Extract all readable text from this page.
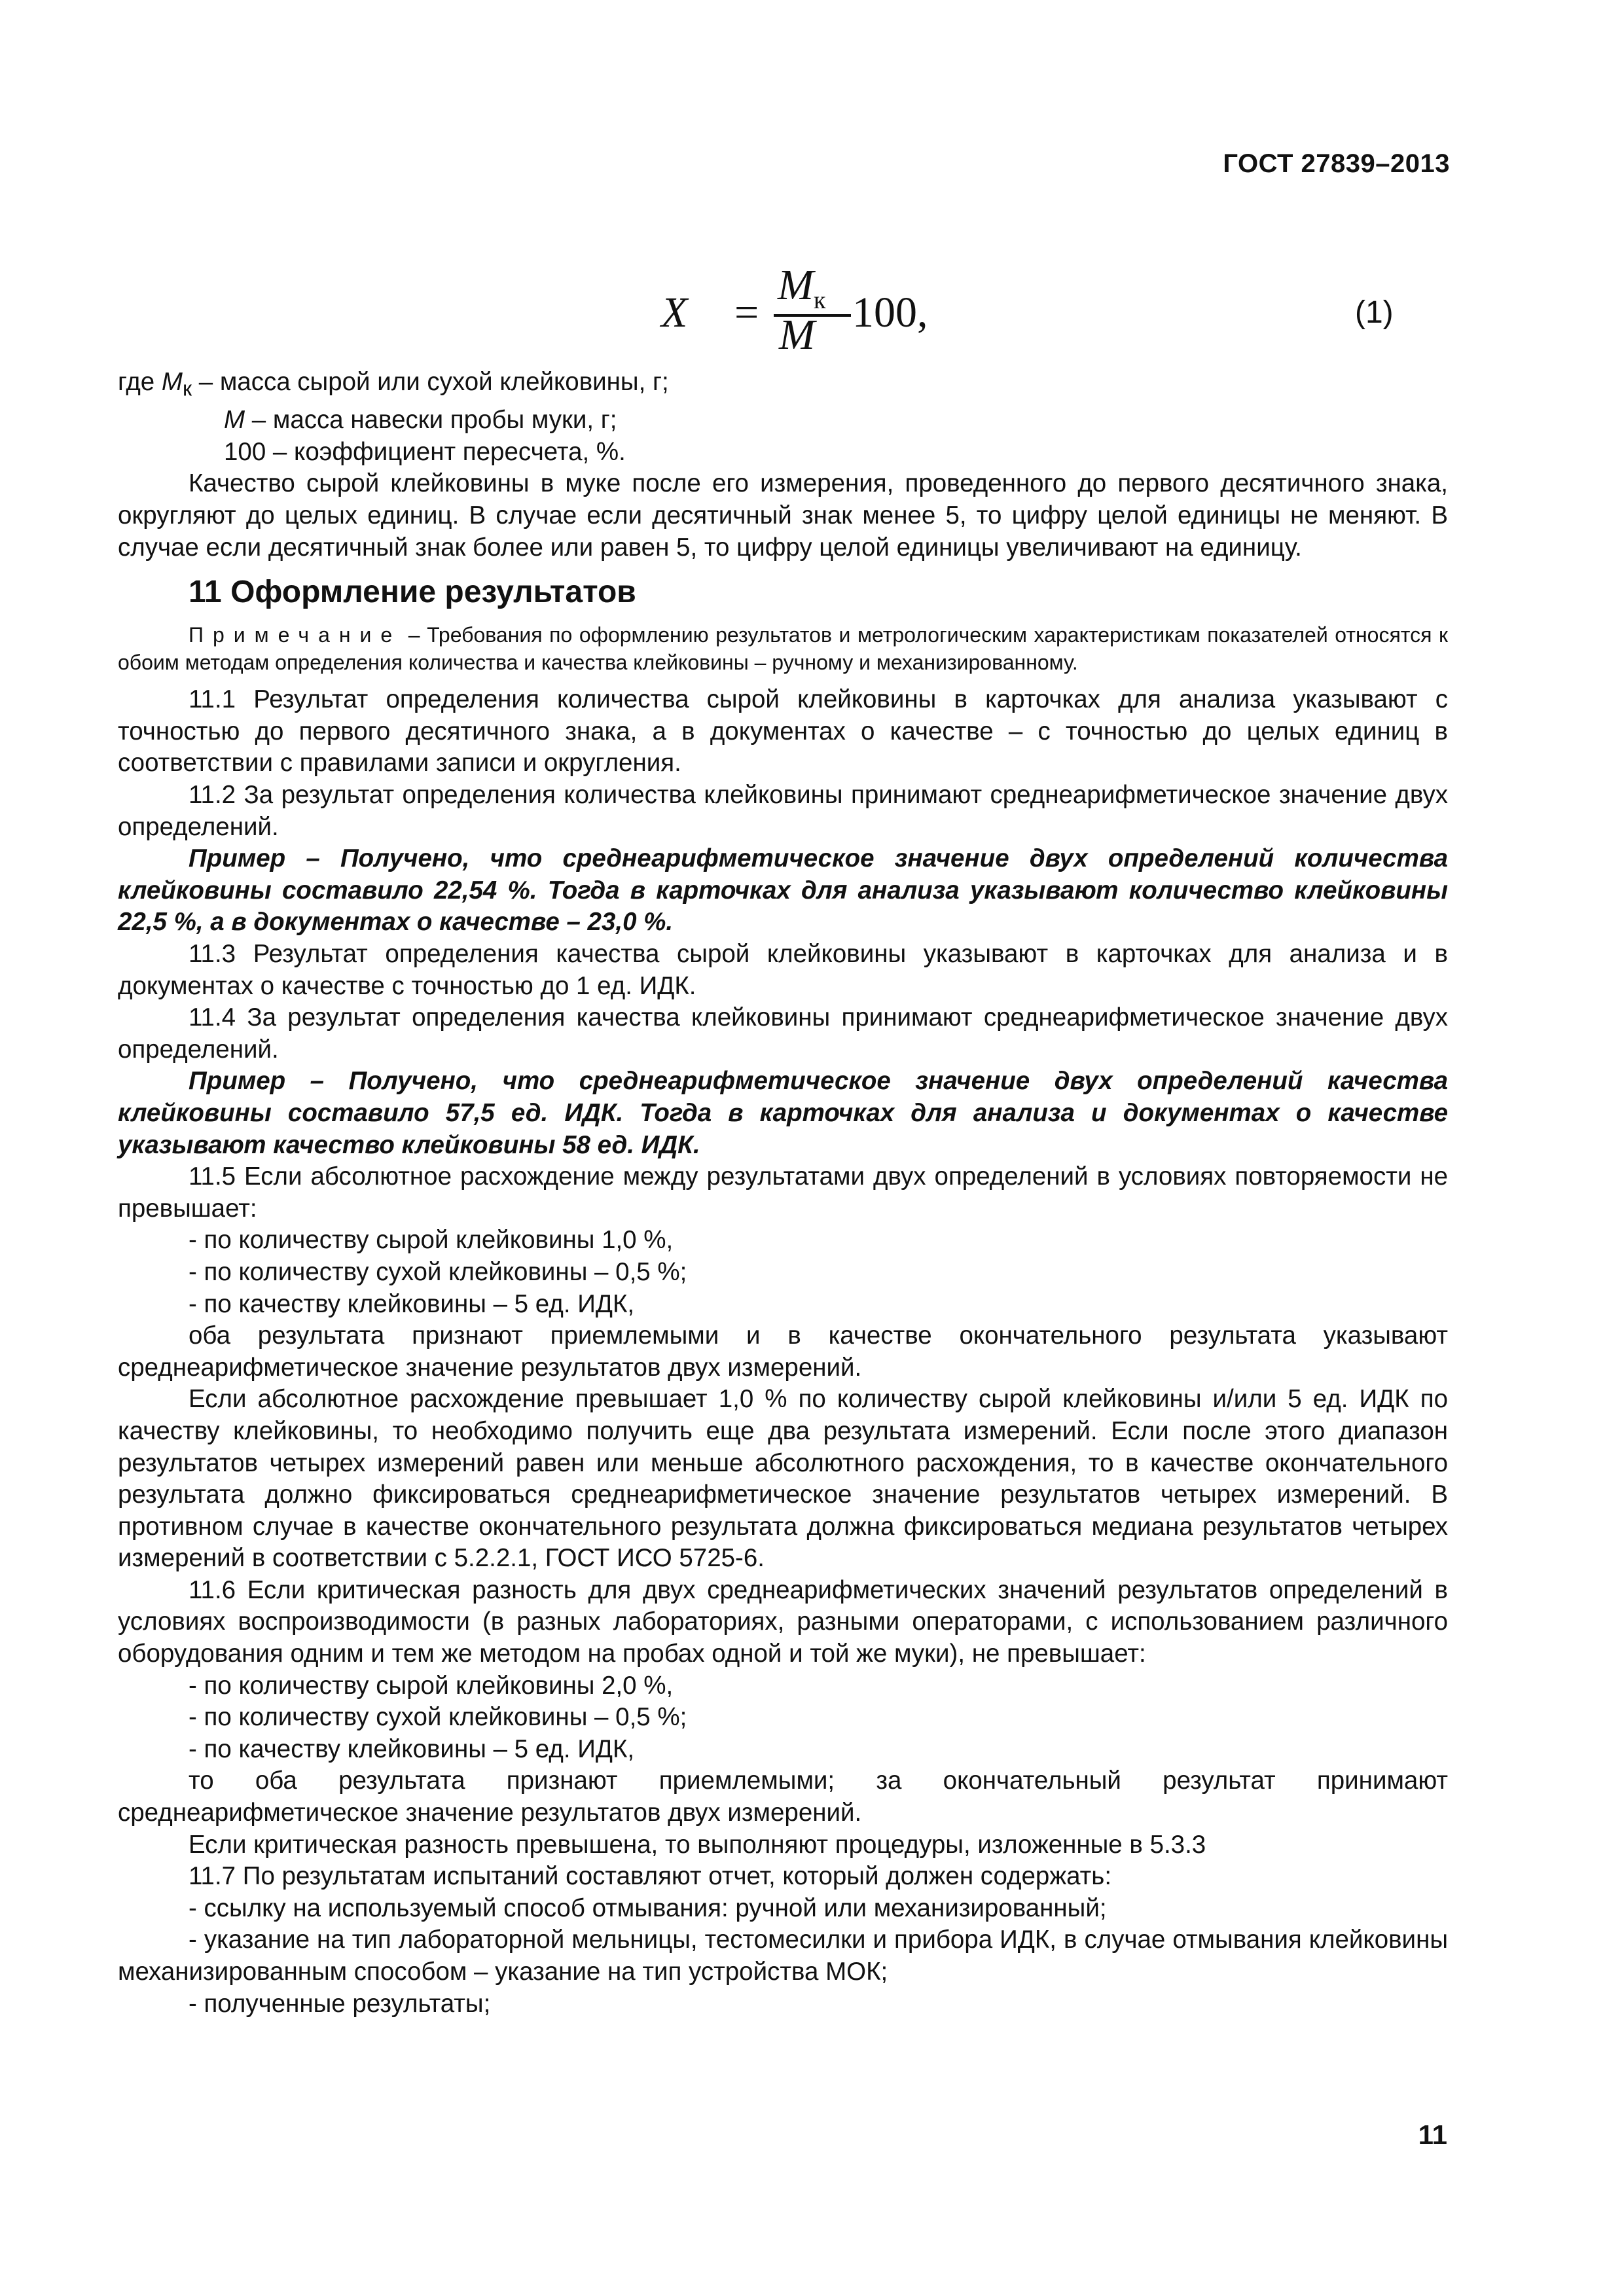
ГОСТ 27839–2013
X =
$M_к$
M 100,	(1)

где $M_к$ – масса сырой или сухой клейковины, г;

M – масса навески пробы муки, г;

100 – коэффициент пересчета, %.

Качество сырой клейковины в муке после его измерения, проведенного до первого десятичного знака, округляют до целых единиц. В случае если десятичный знак менее 5, то цифру целой единицы не меняют. В случае если десятичный знак более или равен 5, то цифру целой единицы увеличивают на единицу.

11 Оформление результатов

Примечание – Требования по оформлению результатов и метрологическим характеристикам показателей относятся к обоим методам определения количества и качества клейковины – ручному и механизированному.

11.1 Результат определения количества сырой клейковины в карточках для анализа указывают с точностью до первого десятичного знака, а в документах о качестве – с точностью до целых единиц в соответствии с правилами записи и округления.

11.2 За результат определения количества клейковины принимают среднеарифметическое значение двух определений.

Пример – Получено, что среднеарифметическое значение двух определений количества клейковины составило 22,54 %. Тогда в карточках для анализа указывают количество клейковины 22,5 %, а в документах о качестве – 23,0 %.

11.3 Результат определения качества сырой клейковины указывают в карточках для анализа и в документах о качестве с точностью до 1 ед. ИДК.

11.4 За результат определения качества клейковины принимают среднеарифметическое значение двух определений.

Пример – Получено, что среднеарифметическое значение двух определений качества клейковины составило 57,5 ед. ИДК. Тогда в карточках для анализа и документах о качестве указывают качество клейковины 58 ед. ИДК.

11.5 Если абсолютное расхождение между результатами двух определений в условиях повторяемости не превышает:

- по количеству сырой клейковины 1,0 %,

- по количеству сухой клейковины – 0,5 %;

- по качеству клейковины – 5 ед. ИДК,

оба результата признают приемлемыми и в качестве окончательного результата указывают среднеарифметическое значение результатов двух измерений.

Если абсолютное расхождение превышает 1,0 % по количеству сырой клейковины и/или 5 ед. ИДК по качеству клейковины, то необходимо получить еще два результата измерений. Если после этого диапазон результатов четырех измерений равен или меньше абсолютного расхождения, то в качестве окончательного результата должно фиксироваться среднеарифметическое значение результатов четырех измерений. В противном случае в качестве окончательного результата должна фиксироваться медиана результатов четырех измерений в соответствии с 5.2.2.1, ГОСТ ИСО 5725-6.

11.6 Если критическая разность для двух среднеарифметических значений результатов определений в условиях воспроизводимости (в разных лабораториях, разными операторами, с использованием различного оборудования одним и тем же методом на пробах одной и той же муки), не превышает:

- по количеству сырой клейковины 2,0 %,

- по количеству сухой клейковины – 0,5 %;

- по качеству клейковины – 5 ед. ИДК,

то оба результата признают приемлемыми; за окончательный результат принимают среднеарифметическое значение результатов двух измерений.

Если критическая разность превышена, то выполняют процедуры, изложенные в 5.3.3

11.7 По результатам испытаний составляют отчет, который должен содержать:

- ссылку на используемый способ отмывания: ручной или механизированный;

- указание на тип лабораторной мельницы, тестомесилки и прибора ИДК, в случае отмывания клейковины механизированным способом – указание на тип устройства МОК;

- полученные результаты;

11
